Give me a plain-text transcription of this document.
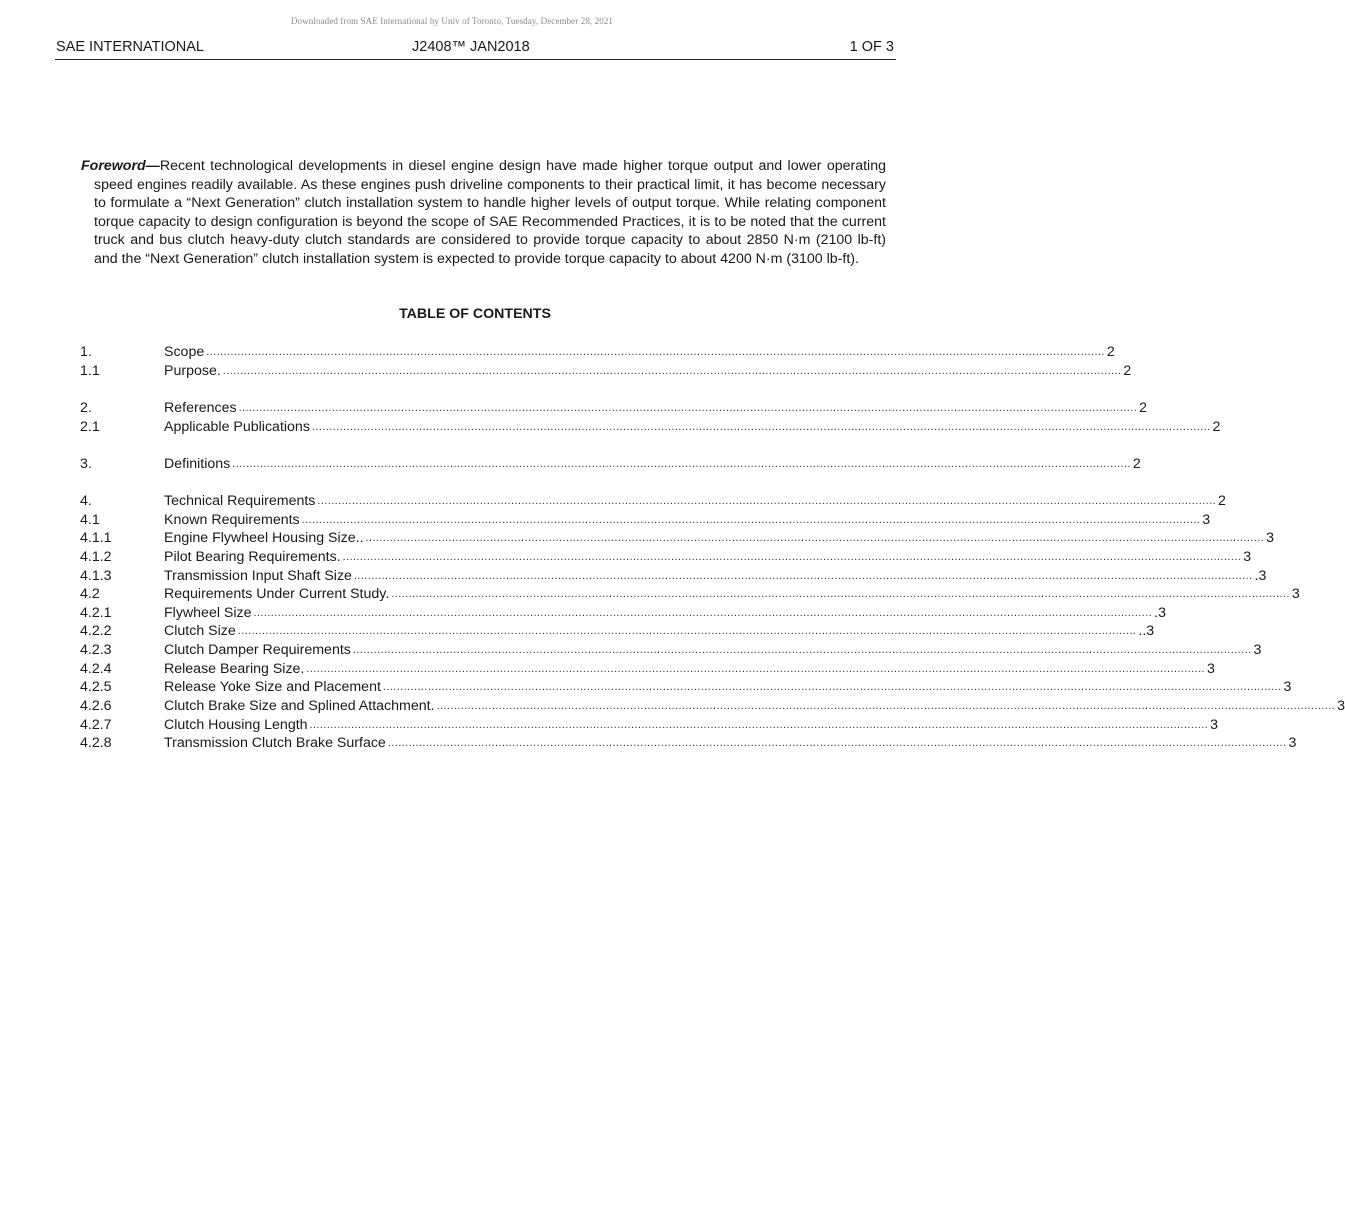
Downloaded from SAE International by Univ of Toronto, Tuesday, December 28, 2021
SAE INTERNATIONAL	J2408™ JAN2018	1 OF 3

Foreword—Recent technological developments in diesel engine design have made higher torque output and lower operating speed engines readily available. As these engines push driveline components to their practical limit, it has become necessary to formulate a “Next Generation” clutch installation system to handle higher levels of output torque. While relating component torque capacity to design configuration is beyond the scope of SAE Recommended Practices, it is to be noted that the current truck and bus clutch heavy-duty clutch standards are considered to provide torque capacity to about 2850 N·m (2100 lb-ft) and the “Next Generation” clutch installation system is expected to provide torque capacity to about 4200 N·m (3100 lb-ft).

TABLE OF CONTENTS
1.	Scope .................................................................................................................................................................................................................................................................... 2
1.1	Purpose. .................................................................................................................................................................................................................................................................... 2
2.	References .................................................................................................................................................................................................................................................................... 2
2.1	Applicable Publications .................................................................................................................................................................................................................................................................... 2
3.	Definitions .................................................................................................................................................................................................................................................................... 2
4.	Technical Requirements .................................................................................................................................................................................................................................................................... 2
4.1	Known Requirements .................................................................................................................................................................................................................................................................... 3
4.1.1	Engine Flywheel Housing Size.. .................................................................................................................................................................................................................................................................... 3
4.1.2	Pilot Bearing Requirements. .................................................................................................................................................................................................................................................................... 3
4.1.3	Transmission Input Shaft Size .................................................................................................................................................................................................................................................................... .3
4.2	Requirements Under Current Study. .................................................................................................................................................................................................................................................................... 3
4.2.1	Flywheel Size .................................................................................................................................................................................................................................................................... .3
4.2.2	Clutch Size .................................................................................................................................................................................................................................................................... ..3
4.2.3	Clutch Damper Requirements .................................................................................................................................................................................................................................................................... 3
4.2.4	Release Bearing Size. .................................................................................................................................................................................................................................................................... 3
4.2.5	Release Yoke Size and Placement .................................................................................................................................................................................................................................................................... 3
4.2.6	Clutch Brake Size and Splined Attachment. .................................................................................................................................................................................................................................................................... 3
4.2.7	Clutch Housing Length .................................................................................................................................................................................................................................................................... 3
4.2.8	Transmission Clutch Brake Surface .................................................................................................................................................................................................................................................................... 3
